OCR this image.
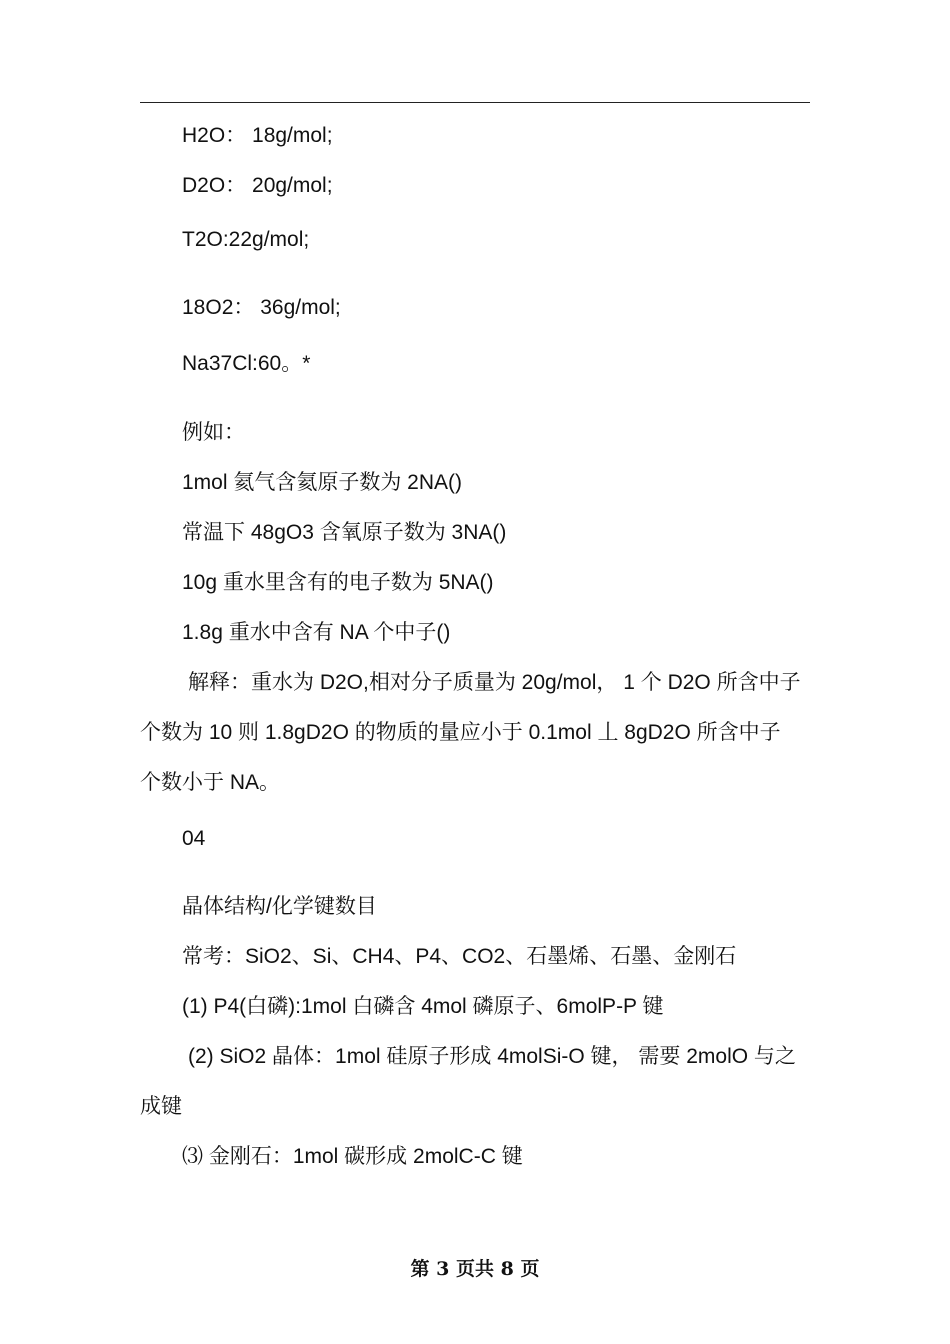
H2O： 18g/mol;
D2O： 20g/mol;
T2O:22g/mol;
18O2： 36g/mol;
Na37Cl:60。*
例如：
1mol 氦气含氦原子数为 2NA()
常温下 48gO3 含氧原子数为 3NA()
10g 重水里含有的电子数为 5NA()
1.8g 重水中含有 NA 个中子()
解释：重水为 D2O,相对分子质量为 20g/mol， 1 个 D2O 所含中子
个数为 10 则 1.8gD2O 的物质的量应小于 0.1mol 丄 8gD2O 所含中子
个数小于 NA。
04
晶体结构/化学键数目
常考：SiO2、Si、CH4、P4、CO2、石墨烯、石墨、金刚石
(1) P4(白磷):1mol 白磷含 4mol 磷原子、6molP-P 键
(2) SiO2 晶体：1mol 硅原子形成 4molSi-O 键， 需要 2molO 与之
成键
⑶ 金刚石：1mol 碳形成 2molC-C 键
第 3 页共 8 页
